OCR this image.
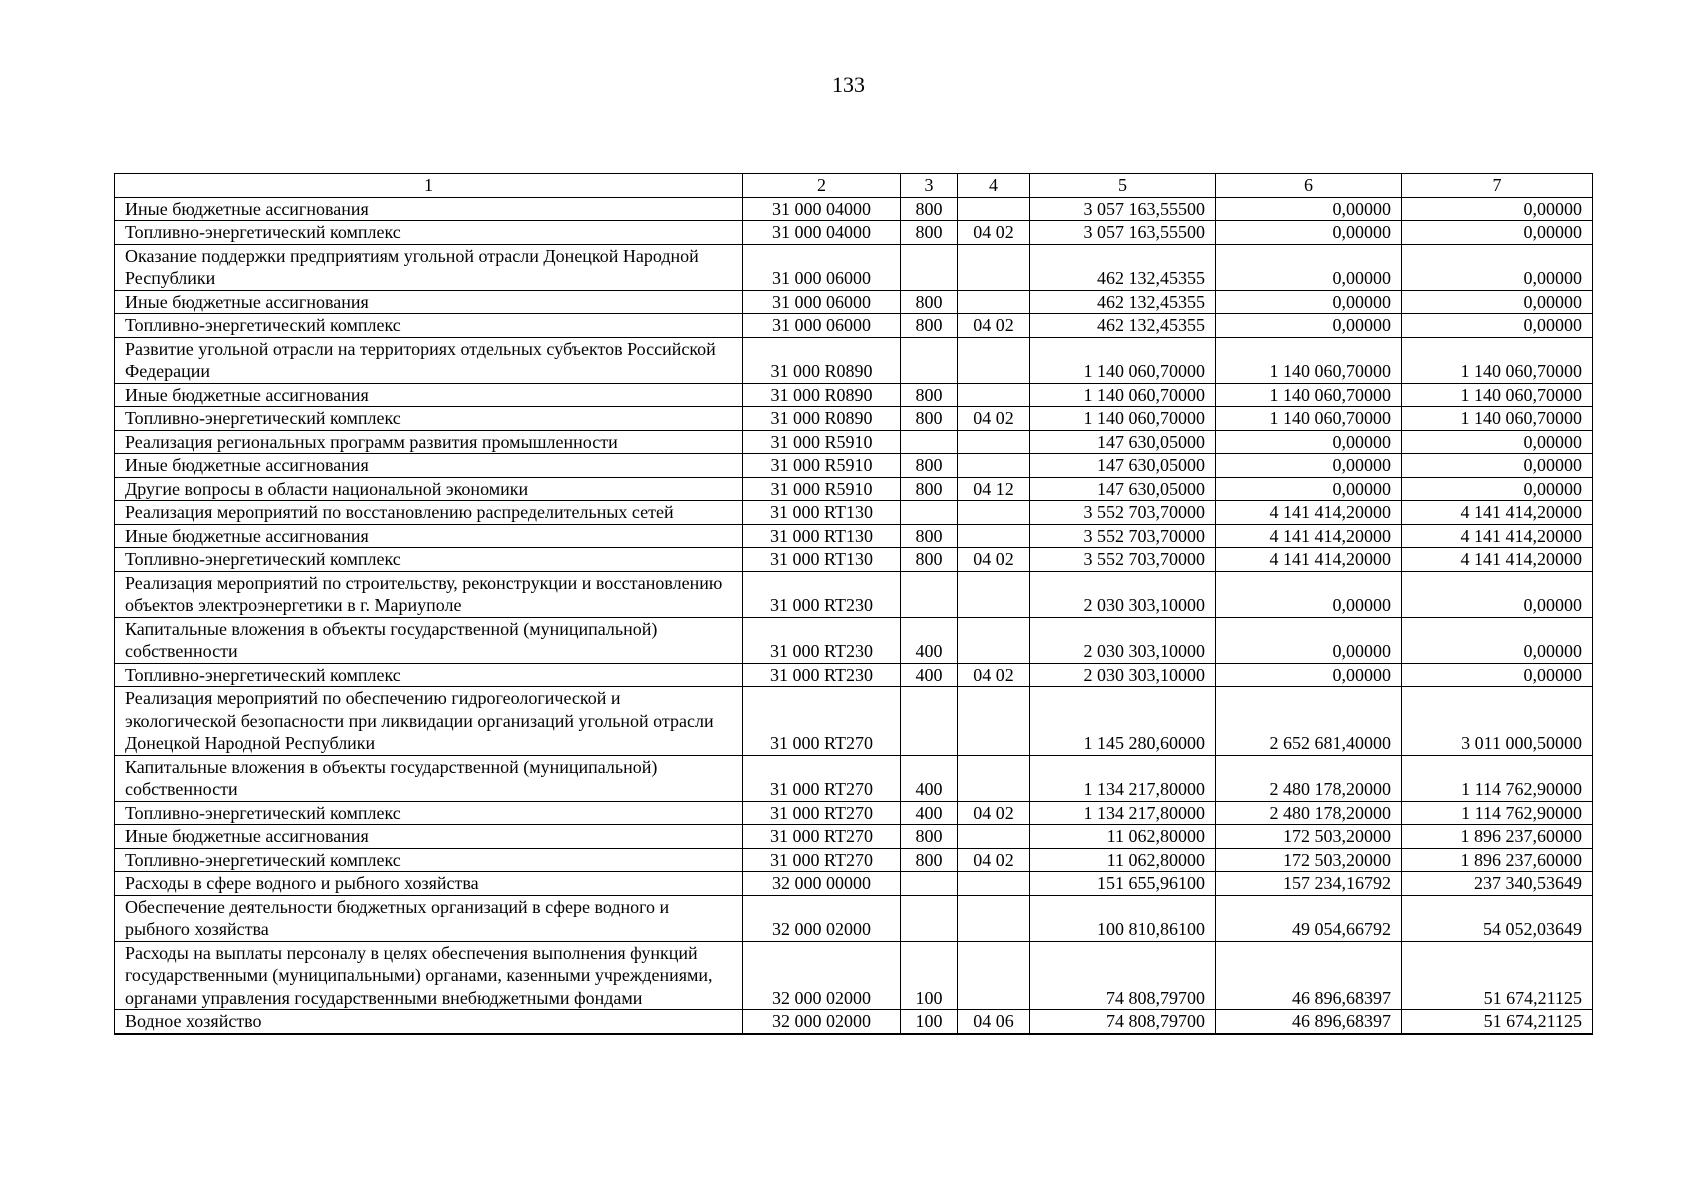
133
1	2	3	4	5	6	7
Иные бюджетные ассигнования	31 000 04000	800		3 057 163,55500	0,00000	0,00000
Топливно-энергетический комплекс	31 000 04000	800	04 02	3 057 163,55500	0,00000	0,00000
Оказание поддержки предприятиям угольной отрасли Донецкой Народной Республики	31 000 06000			462 132,45355	0,00000	0,00000
Иные бюджетные ассигнования	31 000 06000	800		462 132,45355	0,00000	0,00000
Топливно-энергетический комплекс	31 000 06000	800	04 02	462 132,45355	0,00000	0,00000
Развитие угольной отрасли на территориях отдельных субъектов Российской Федерации	31 000 R0890			1 140 060,70000	1 140 060,70000	1 140 060,70000
Иные бюджетные ассигнования	31 000 R0890	800		1 140 060,70000	1 140 060,70000	1 140 060,70000
Топливно-энергетический комплекс	31 000 R0890	800	04 02	1 140 060,70000	1 140 060,70000	1 140 060,70000
Реализация региональных программ развития промышленности	31 000 R5910			147 630,05000	0,00000	0,00000
Иные бюджетные ассигнования	31 000 R5910	800		147 630,05000	0,00000	0,00000
Другие вопросы в области национальной экономики	31 000 R5910	800	04 12	147 630,05000	0,00000	0,00000
Реализация мероприятий по восстановлению распределительных сетей	31 000 RT130			3 552 703,70000	4 141 414,20000	4 141 414,20000
Иные бюджетные ассигнования	31 000 RT130	800		3 552 703,70000	4 141 414,20000	4 141 414,20000
Топливно-энергетический комплекс	31 000 RT130	800	04 02	3 552 703,70000	4 141 414,20000	4 141 414,20000
Реализация мероприятий по строительству, реконструкции и восстановлению объектов электроэнергетики в г. Мариуполе	31 000 RT230			2 030 303,10000	0,00000	0,00000
Капитальные вложения в объекты государственной (муниципальной) собственности	31 000 RT230	400		2 030 303,10000	0,00000	0,00000
Топливно-энергетический комплекс	31 000 RT230	400	04 02	2 030 303,10000	0,00000	0,00000
Реализация мероприятий по обеспечению гидрогеологической и экологической безопасности при ликвидации организаций угольной отрасли Донецкой Народной Республики	31 000 RT270			1 145 280,60000	2 652 681,40000	3 011 000,50000
Капитальные вложения в объекты государственной (муниципальной) собственности	31 000 RT270	400		1 134 217,80000	2 480 178,20000	1 114 762,90000
Топливно-энергетический комплекс	31 000 RT270	400	04 02	1 134 217,80000	2 480 178,20000	1 114 762,90000
Иные бюджетные ассигнования	31 000 RT270	800		11 062,80000	172 503,20000	1 896 237,60000
Топливно-энергетический комплекс	31 000 RT270	800	04 02	11 062,80000	172 503,20000	1 896 237,60000
Расходы в сфере водного и рыбного хозяйства	32 000 00000			151 655,96100	157 234,16792	237 340,53649
Обеспечение деятельности бюджетных организаций в сфере водного и рыбного хозяйства	32 000 02000			100 810,86100	49 054,66792	54 052,03649
Расходы на выплаты персоналу в целях обеспечения выполнения функций государственными (муниципальными) органами, казенными учреждениями, органами управления государственными внебюджетными фондами	32 000 02000	100		74 808,79700	46 896,68397	51 674,21125
Водное хозяйство	32 000 02000	100	04 06	74 808,79700	46 896,68397	51 674,21125
